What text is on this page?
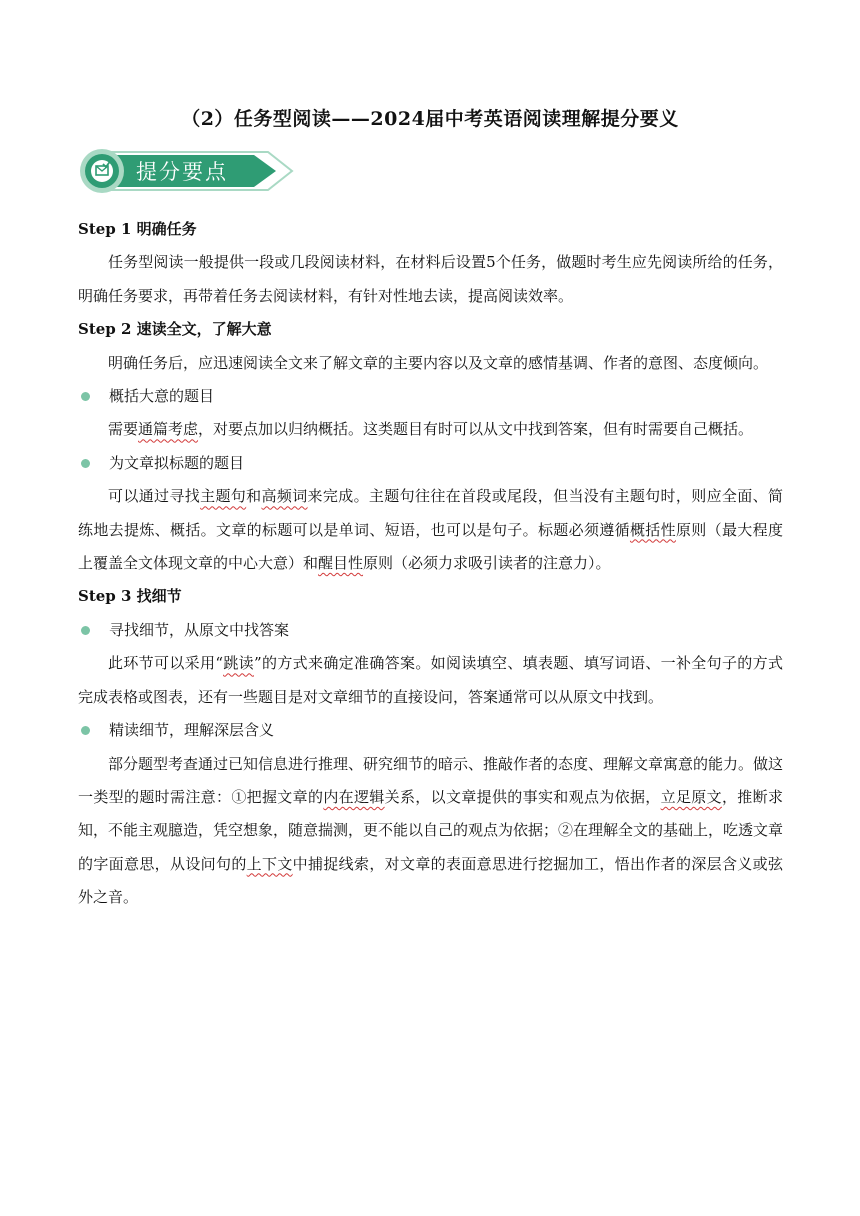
（2）任务型阅读——2024届中考英语阅读理解提分要义
提分要点

Step 1 明确任务

任务型阅读一般提供一段或几段阅读材料，在材料后设置5个任务，做题时考生应先阅读所给的任务，明确任务要求，再带着任务去阅读材料，有针对性地去读，提高阅读效率。

Step 2 速读全文，了解大意

明确任务后，应迅速阅读全文来了解文章的主要内容以及文章的感情基调、作者的意图、态度倾向。

概括大意的题目

需要通篇考虑，对要点加以归纳概括。这类题目有时可以从文中找到答案，但有时需要自己概括。

为文章拟标题的题目

可以通过寻找主题句和高频词来完成。主题句往往在首段或尾段，但当没有主题句时，则应全面、简练地去提炼、概括。文章的标题可以是单词、短语，也可以是句子。标题必须遵循概括性原则（最大程度上覆盖全文体现文章的中心大意）和醒目性原则（必须力求吸引读者的注意力）。

Step 3 找细节

寻找细节，从原文中找答案

此环节可以采用“跳读”的方式来确定准确答案。如阅读填空、填表题、填写词语、一补全句子的方式完成表格或图表，还有一些题目是对文章细节的直接设问，答案通常可以从原文中找到。

精读细节，理解深层含义

部分题型考查通过已知信息进行推理、研究细节的暗示、推敲作者的态度、理解文章寓意的能力。做这一类型的题时需注意：①把握文章的内在逻辑关系，以文章提供的事实和观点为依据，立足原文，推断求知，不能主观臆造，凭空想象，随意揣测，更不能以自己的观点为依据；②在理解全文的基础上，吃透文章的字面意思，从设问句的上下文中捕捉线索，对文章的表面意思进行挖掘加工，悟出作者的深层含义或弦外之音。
